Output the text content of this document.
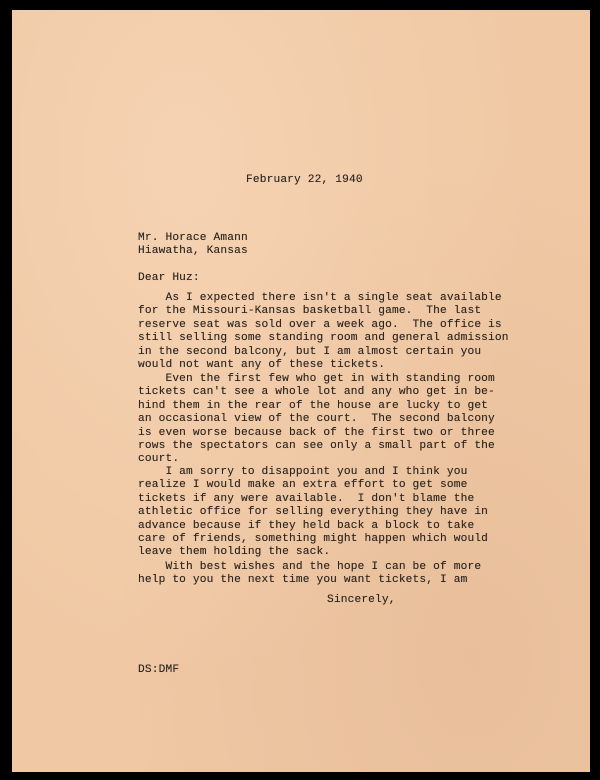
February 22, 1940
Mr. Horace Amann
Hiawatha, Kansas
Dear Huz:
As I expected there isn't a single seat available
for the Missouri-Kansas basketball game.  The last
reserve seat was sold over a week ago.  The office is
still selling some standing room and general admission
in the second balcony, but I am almost certain you
would not want any of these tickets.
Even the first few who get in with standing room
tickets can't see a whole lot and any who get in be-
hind them in the rear of the house are lucky to get
an occasional view of the court.  The second balcony
is even worse because back of the first two or three
rows the spectators can see only a small part of the
court.
I am sorry to disappoint you and I think you
realize I would make an extra effort to get some
tickets if any were available.  I don't blame the
athletic office for selling everything they have in
advance because if they held back a block to take
care of friends, something might happen which would
leave them holding the sack.
With best wishes and the hope I can be of more
help to you the next time you want tickets, I am
Sincerely,
DS:DMF
